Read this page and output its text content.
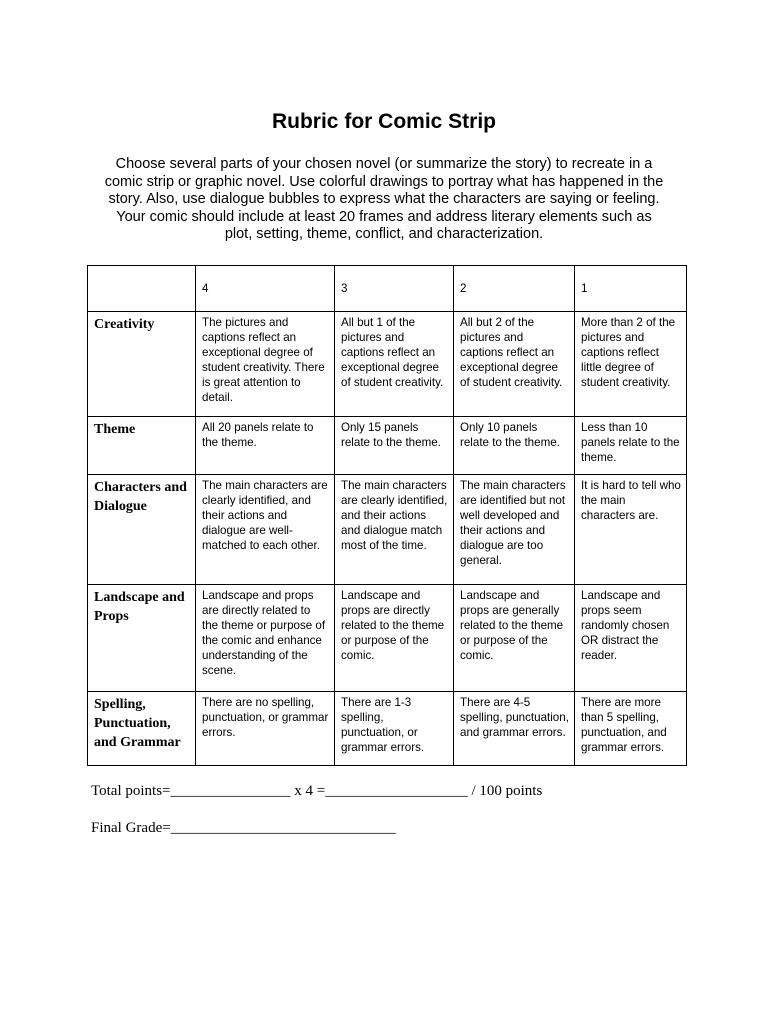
Rubric for Comic Strip
Choose several parts of your chosen novel (or summarize the story) to recreate in a
comic strip or graphic novel. Use colorful drawings to portray what has happened in the
story. Also, use dialogue bubbles to express what the characters are saying or feeling.
Your comic should include at least 20 frames and address literary elements such as
plot, setting, theme, conflict, and characterization.
	4	3	2	1
Creativity	The pictures and captions reflect an exceptional degree of student creativity. There is great attention to detail.	All but 1 of the pictures and captions reflect an exceptional degree of student creativity.	All but 2 of the pictures and captions reflect an exceptional degree of student creativity.	More than 2 of the pictures and captions reflect little degree of student creativity.
Theme	All 20 panels relate to the theme.	Only 15 panels relate to the theme.	Only 10 panels relate to the theme.	Less than 10 panels relate to the theme.
Characters and Dialogue	The main characters are clearly identified, and their actions and dialogue are well-matched to each other.	The main characters are clearly identified, and their actions and dialogue match most of the time.	The main characters are identified but not well developed and their actions and dialogue are too general.	It is hard to tell who the main characters are.
Landscape and Props	Landscape and props are directly related to the theme or purpose of the comic and enhance understanding of the scene.	Landscape and props are directly related to the theme or purpose of the comic.	Landscape and props are generally related to the theme or purpose of the comic.	Landscape and props seem randomly chosen OR distract the reader.
Spelling, Punctuation, and Grammar	There are no spelling, punctuation, or grammar errors.	There are 1-3 spelling, punctuation, or grammar errors.	There are 4-5 spelling, punctuation, and grammar errors.	There are more than 5 spelling, punctuation, and grammar errors.
Total points=________________ x 4 =___________________ / 100 points
Final Grade=______________________________
